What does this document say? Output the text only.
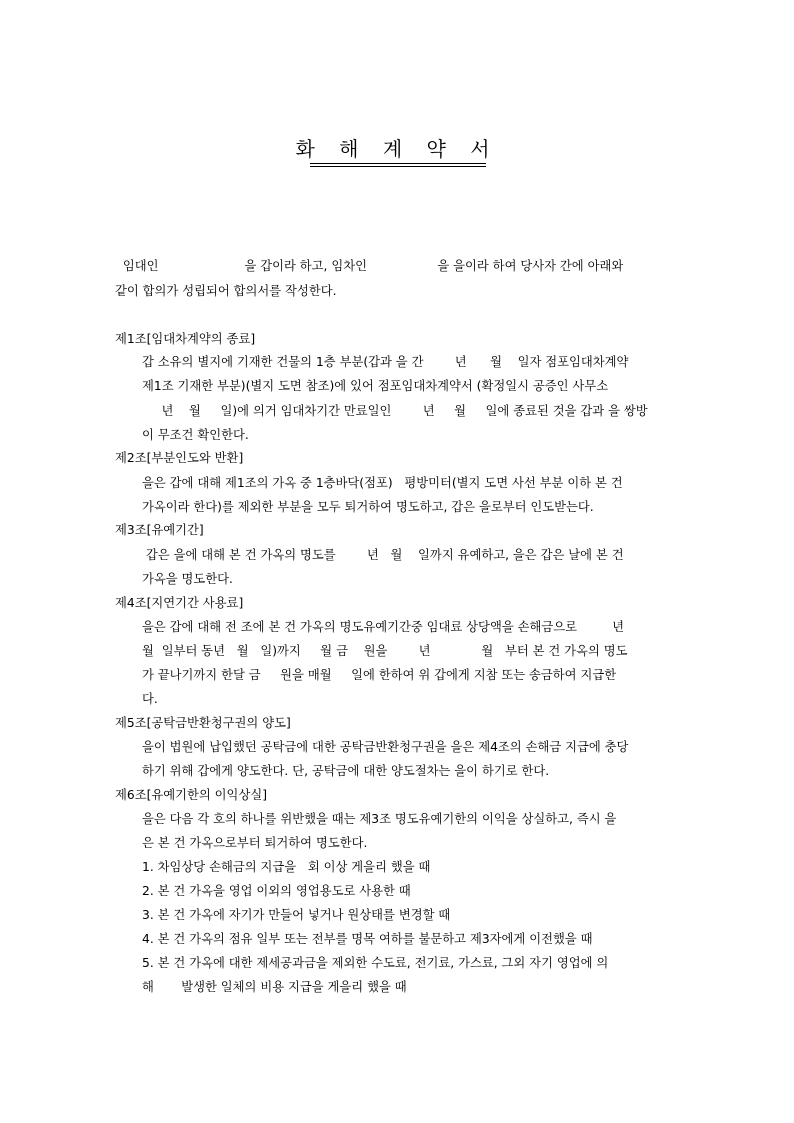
화 해 계 약 서
임대인                      을 갑이라 하고, 임차인                  을 을이라 하여 당사자 간에 아래와
같이 합의가 성립되어 합의서를 작성한다.
제1조[임대차계약의 종료]
갑 소유의 별지에 기재한 건물의 1층 부분(갑과 을 간        년      월    일자 점포임대차계약
제1조 기재한 부분)(별지 도면 참조)에 있어 점포임대차계약서 (확정일시 공증인 사무소
년    월     일)에 의거 임대차기간 만료일인        년     월     일에 종료된 것을 갑과 을 쌍방
이 무조건 확인한다.
제2조[부분인도와 반환]
을은 갑에 대해 제1조의 가옥 중 1층바닥(점포)   평방미터(별지 도면 사선 부분 이하 본 건
가옥이라 한다)를 제외한 부분을 모두 퇴거하여 명도하고, 갑은 을로부터 인도받는다.
제3조[유예기간]
갑은 을에 대해 본 건 가옥의 명도를        년   월    일까지 유예하고, 을은 갑은 날에 본 건
가옥을 명도한다.
제4조[지연기간 사용료]
을은 갑에 대해 전 조에 본 건 가옥의 명도유예기간중 임대료 상당액을 손해금으로         년
월  일부터 동년   월   일)까지     월 금    원을        년             월   부터 본 건 가옥의 명도
가 끝나기까지 한달 금     원을 매월     일에 한하여 위 갑에게 지참 또는 송금하여 지급한
다.
제5조[공탁금반환청구권의 양도]
을이 법원에 납입했던 공탁금에 대한 공탁금반환청구권을 을은 제4조의 손해금 지급에 충당
하기 위해 갑에게 양도한다. 단, 공탁금에 대한 양도절차는 을이 하기로 한다.
제6조[유예기한의 이익상실]
을은 다음 각 호의 하나를 위반했을 때는 제3조 명도유예기한의 이익을 상실하고, 즉시 을
은 본 건 가옥으로부터 퇴거하여 명도한다.
1. 차임상당 손해금의 지급을   회 이상 게을리 했을 때
2. 본 건 가옥을 영업 이외의 영업용도로 사용한 때
3. 본 건 가옥에 자기가 만들어 넣거나 원상태를 변경할 때
4. 본 건 가옥의 점유 일부 또는 전부를 명목 여하를 불문하고 제3자에게 이전했을 때
5. 본 건 가옥에 대한 제세공과금을 제외한 수도료, 전기료, 가스료, 그외 자기 영업에 의
해       발생한 일체의 비용 지급을 게을리 했을 때
